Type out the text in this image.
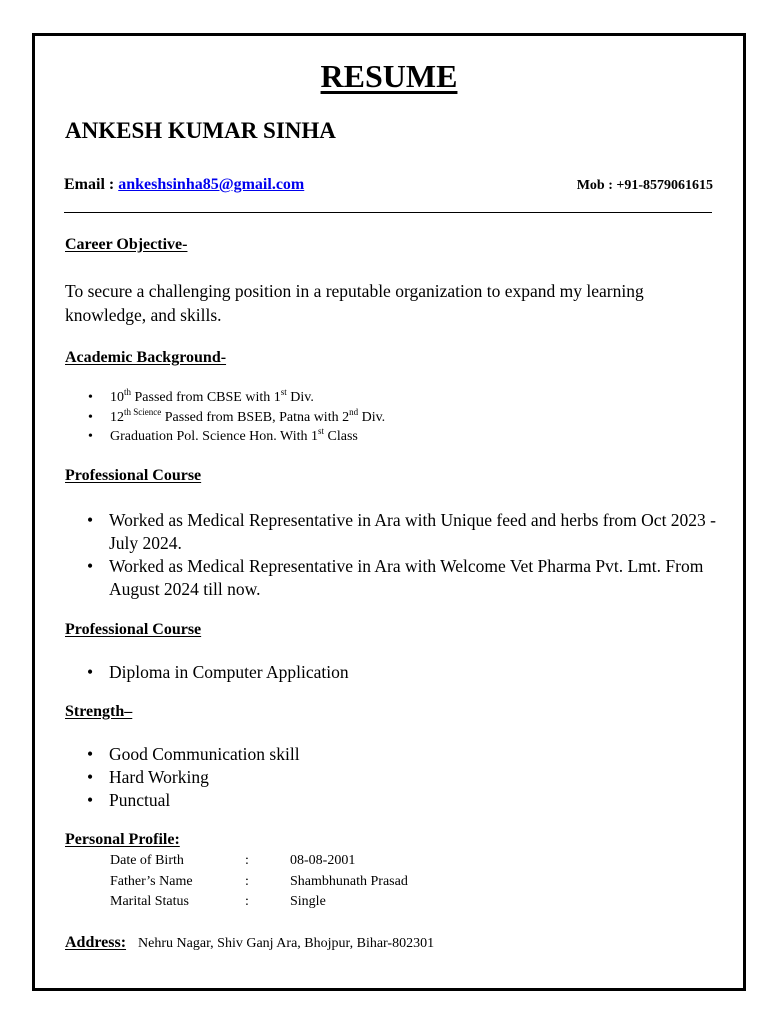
RESUME
ANKESH KUMAR SINHA
Email : ankeshsinha85@gmail.com	Mob : +91-8579061615
Career Objective-
To secure a challenging position in a reputable organization to expand my learning knowledge, and skills.
Academic Background-
• 10th Passed from CBSE with 1st Div.
• $12^{th Science}$ Passed from BSEB, Patna with 2nd Div.
• Graduation Pol. Science Hon. With 1st Class
Professional Course
• Worked as Medical Representative in Ara with Unique feed and herbs from Oct 2023 - July 2024.
• Worked as Medical Representative in Ara with Welcome Vet Pharma Pvt. Lmt. From August 2024 till now.
Professional Course
• Diploma in Computer Application
Strength–
• Good Communication skill
• Hard Working
• Punctual
Personal Profile:
Date of Birth	:	08-08-2001
Father’s Name	:	Shambhunath Prasad
Marital Status	:	Single
Address: Nehru Nagar, Shiv Ganj Ara, Bhojpur, Bihar-802301
